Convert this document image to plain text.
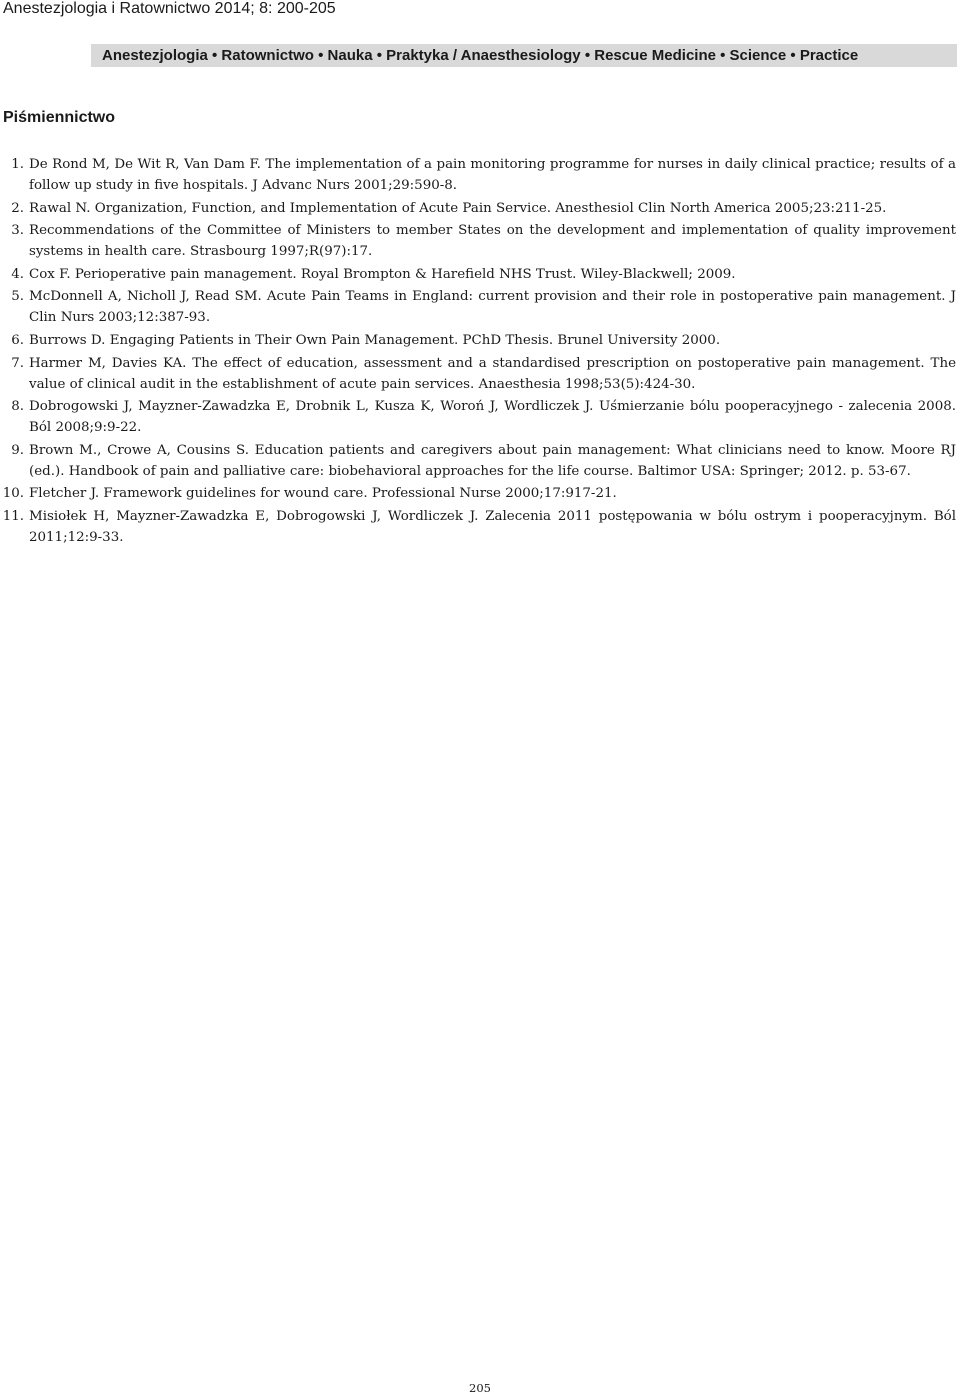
Anestezjologia i Ratownictwo 2014; 8: 200-205
Anestezjologia • Ratownictwo • Nauka • Praktyka / Anaesthesiology • Rescue Medicine • Science • Practice
Piśmiennictwo
1. De Rond M, De Wit R, Van Dam F. The implementation of a pain monitoring programme for nurses in daily clinical practice; results of a follow up study in five hospitals. J Advanc Nurs 2001;29:590-8.
2. Rawal N. Organization, Function, and Implementation of Acute Pain Service. Anesthesiol Clin North America 2005;23:211-25.
3. Recommendations of the Committee of Ministers to member States on the development and implementation of quality improvement systems in health care. Strasbourg 1997;R(97):17.
4. Cox F. Perioperative pain management. Royal Brompton & Harefield NHS Trust. Wiley-Blackwell; 2009.
5. McDonnell A, Nicholl J, Read SM. Acute Pain Teams in England: current provision and their role in postoperative pain management. J Clin Nurs 2003;12:387-93.
6. Burrows D. Engaging Patients in Their Own Pain Management. PChD Thesis. Brunel University 2000.
7. Harmer M, Davies KA. The effect of education, assessment and a standardised prescription on postoperative pain management. The value of clinical audit in the establishment of acute pain services. Anaesthesia 1998;53(5):424-30.
8. Dobrogowski J, Mayzner-Zawadzka E, Drobnik L, Kusza K, Woroń J, Wordliczek J. Uśmierzanie bólu pooperacyjnego - zalecenia 2008. Ból 2008;9:9-22.
9. Brown M., Crowe A, Cousins S. Education patients and caregivers about pain management: What clinicians need to know. Moore RJ (ed.). Handbook of pain and palliative care: biobehavioral approaches for the life course. Baltimor USA: Springer; 2012. p. 53-67.
10. Fletcher J. Framework guidelines for wound care. Professional Nurse 2000;17:917-21.
11. Misiołek H, Mayzner-Zawadzka E, Dobrogowski J, Wordliczek J. Zalecenia 2011 postępowania w bólu ostrym i pooperacyjnym. Ból 2011;12:9-33.
205
